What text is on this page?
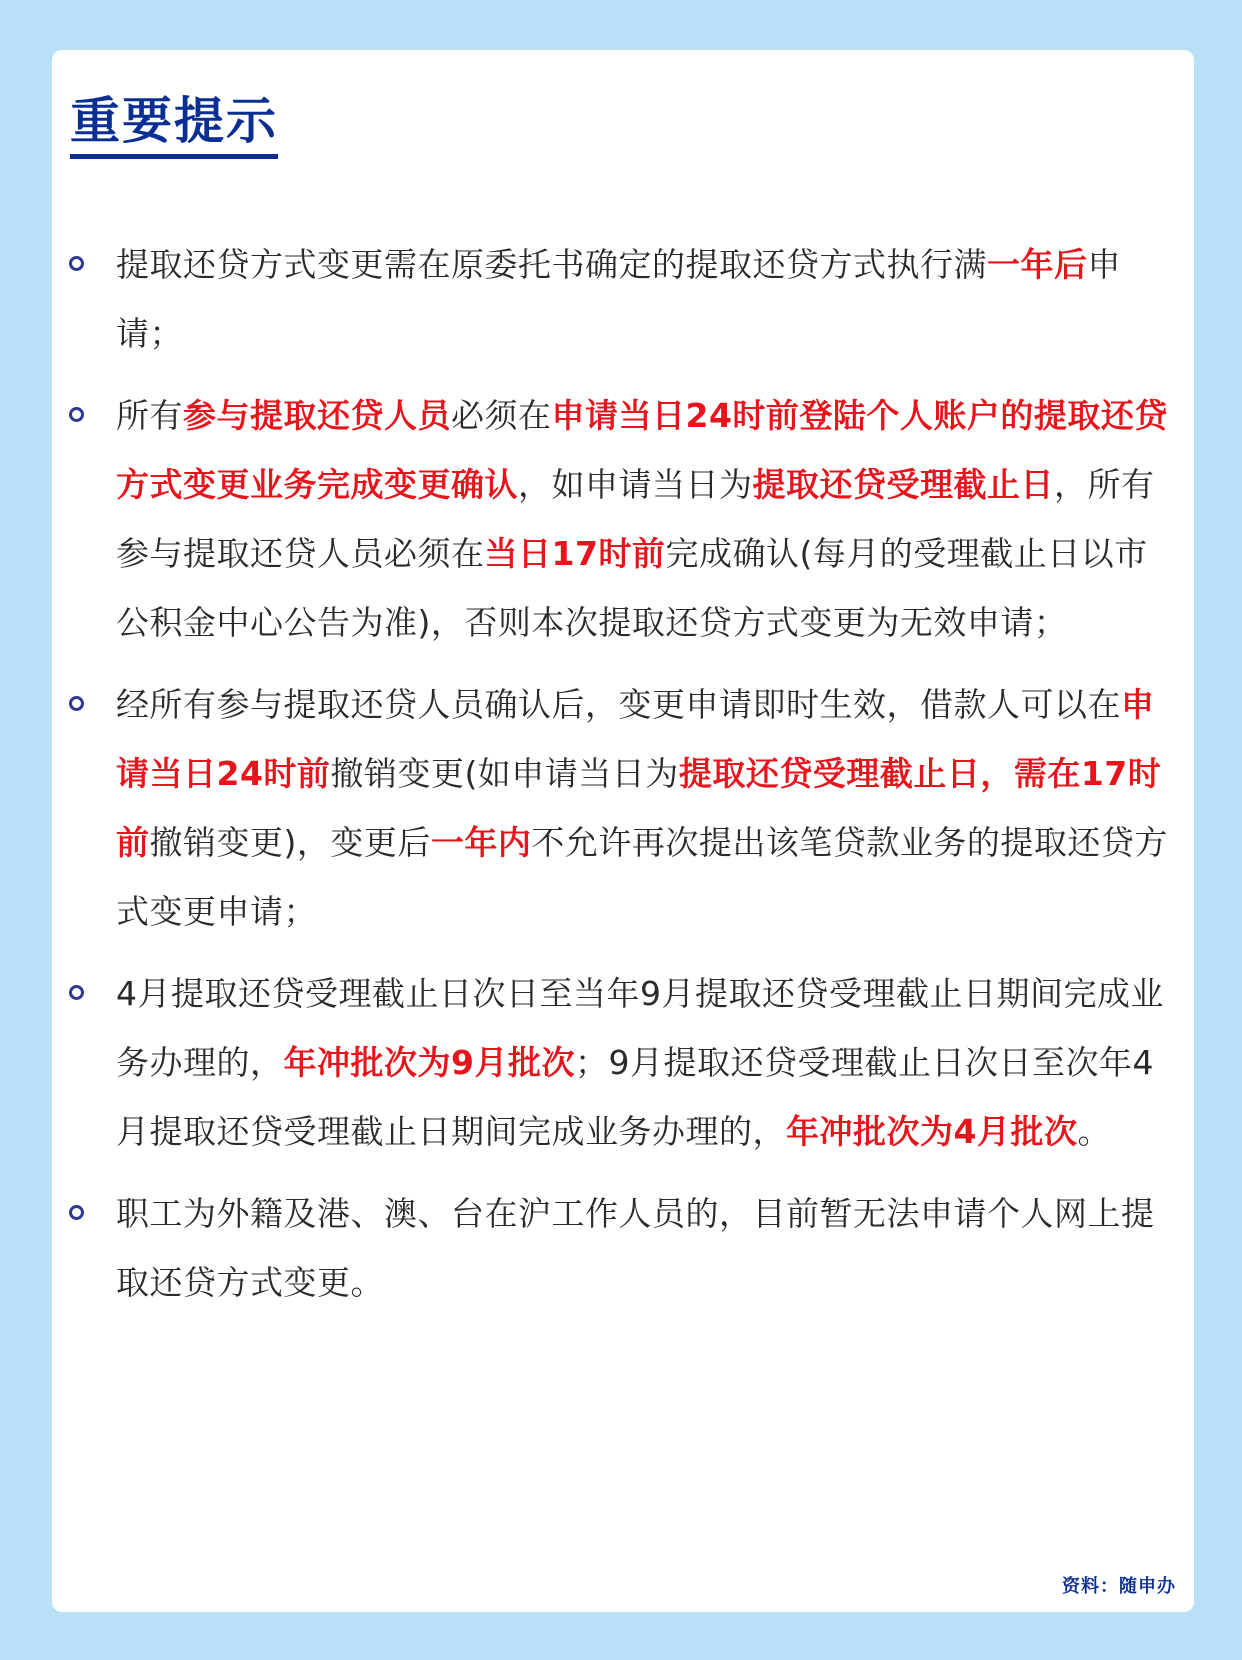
重要提示
提取还贷方式变更需在原委托书确定的提取还贷方式执行满一年后申请；
所有参与提取还贷人员必须在申请当日24时前登陆个人账户的提取还贷方式变更业务完成变更确认，如申请当日为提取还贷受理截止日，所有参与提取还贷人员必须在当日17时前完成确认(每月的受理截止日以市公积金中心公告为准)，否则本次提取还贷方式变更为无效申请；
经所有参与提取还贷人员确认后，变更申请即时生效，借款人可以在申请当日24时前撤销变更(如申请当日为提取还贷受理截止日，需在17时前撤销变更)，变更后一年内不允许再次提出该笔贷款业务的提取还贷方式变更申请；
4月提取还贷受理截止日次日至当年9月提取还贷受理截止日期间完成业务办理的，年冲批次为9月批次；9月提取还贷受理截止日次日至次年4月提取还贷受理截止日期间完成业务办理的，年冲批次为4月批次。
职工为外籍及港、澳、台在沪工作人员的，目前暂无法申请个人网上提取还贷方式变更。
资料：随申办
